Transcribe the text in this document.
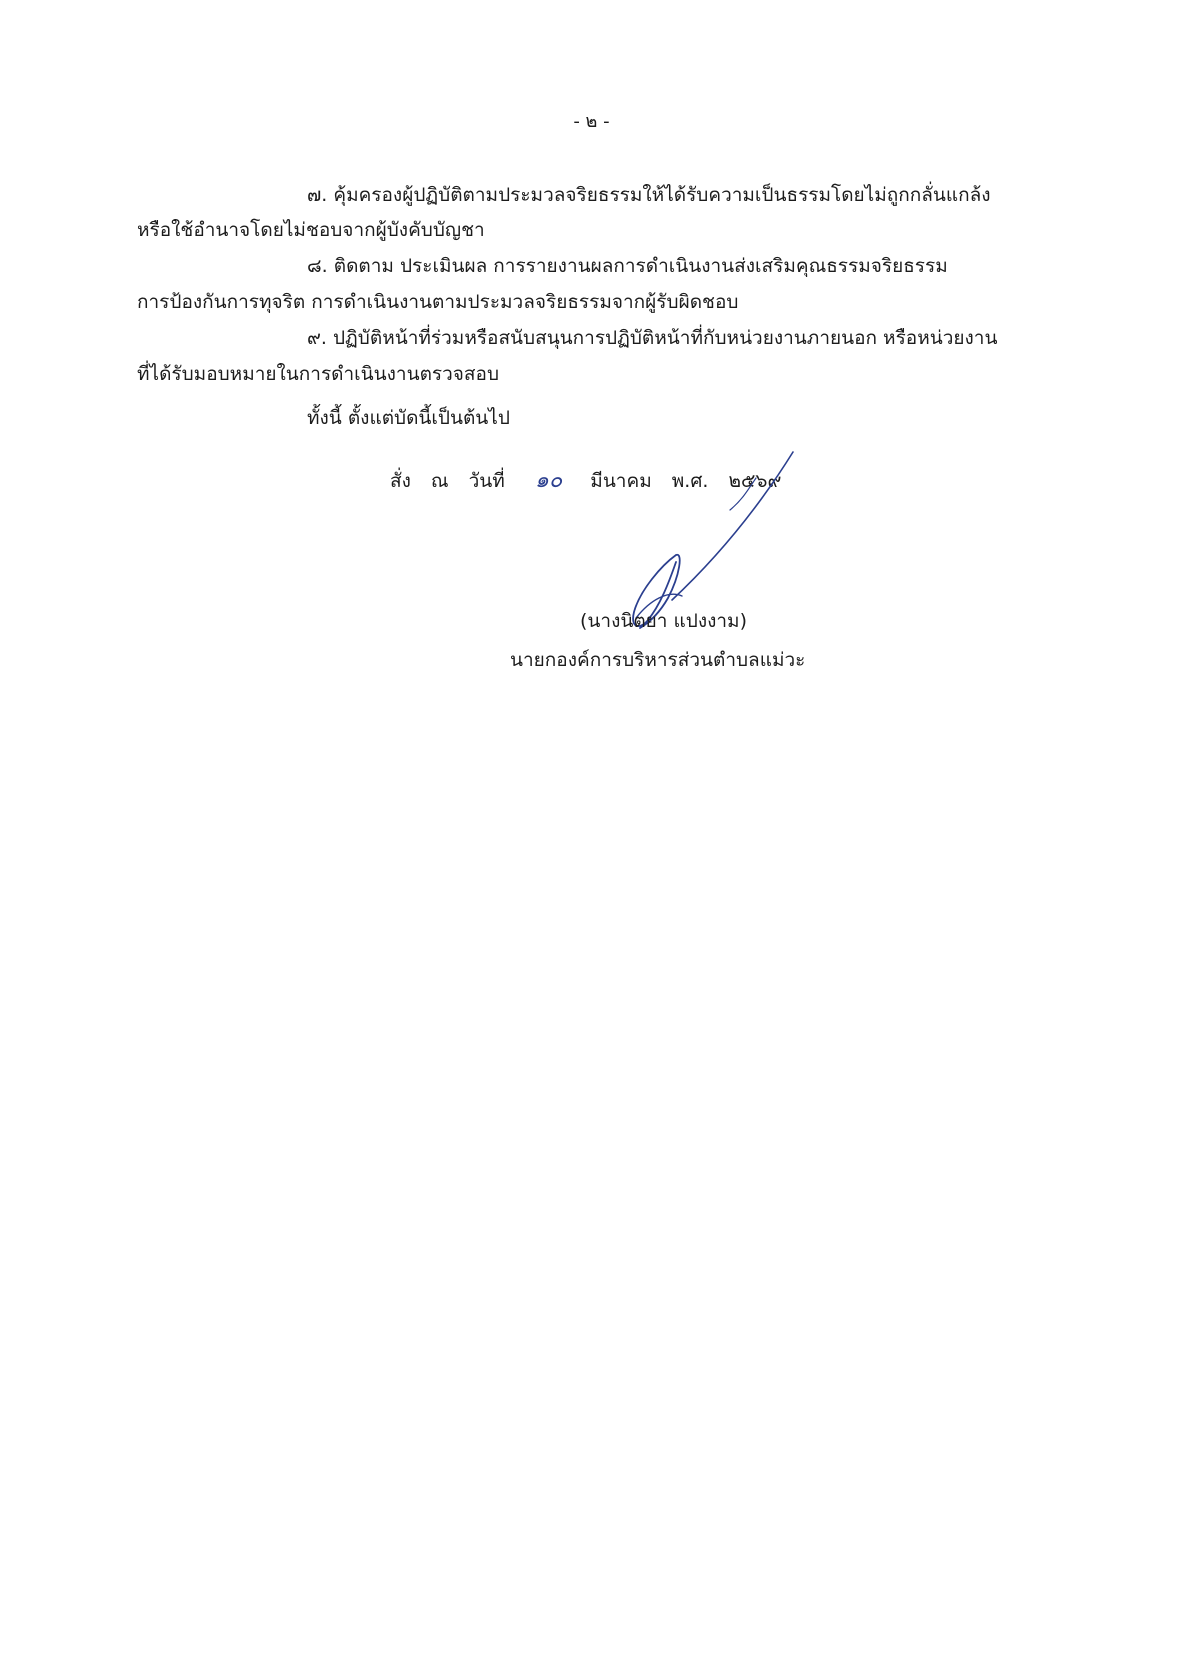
- ๒ -
๗. คุ้มครองผู้ปฏิบัติตามประมวลจริยธรรมให้ได้รับความเป็นธรรมโดยไม่ถูกกลั่นแกล้ง
หรือใช้อำนาจโดยไม่ชอบจากผู้บังคับบัญชา
๘. ติดตาม ประเมินผล การรายงานผลการดำเนินงานส่งเสริมคุณธรรมจริยธรรม
การป้องกันการทุจริต การดำเนินงานตามประมวลจริยธรรมจากผู้รับผิดชอบ
๙. ปฏิบัติหน้าที่ร่วมหรือสนับสนุนการปฏิบัติหน้าที่กับหน่วยงานภายนอก หรือหน่วยงาน
ที่ได้รับมอบหมายในการดำเนินงานตรวจสอบ
ทั้งนี้ ตั้งแต่บัดนี้เป็นต้นไป
สั่ง ณ วันที่ ๑๐ มีนาคม พ.ศ. ๒๕๖๙
(นางนิตยา แปงงาม)
นายกองค์การบริหารส่วนตำบลแม่วะ
